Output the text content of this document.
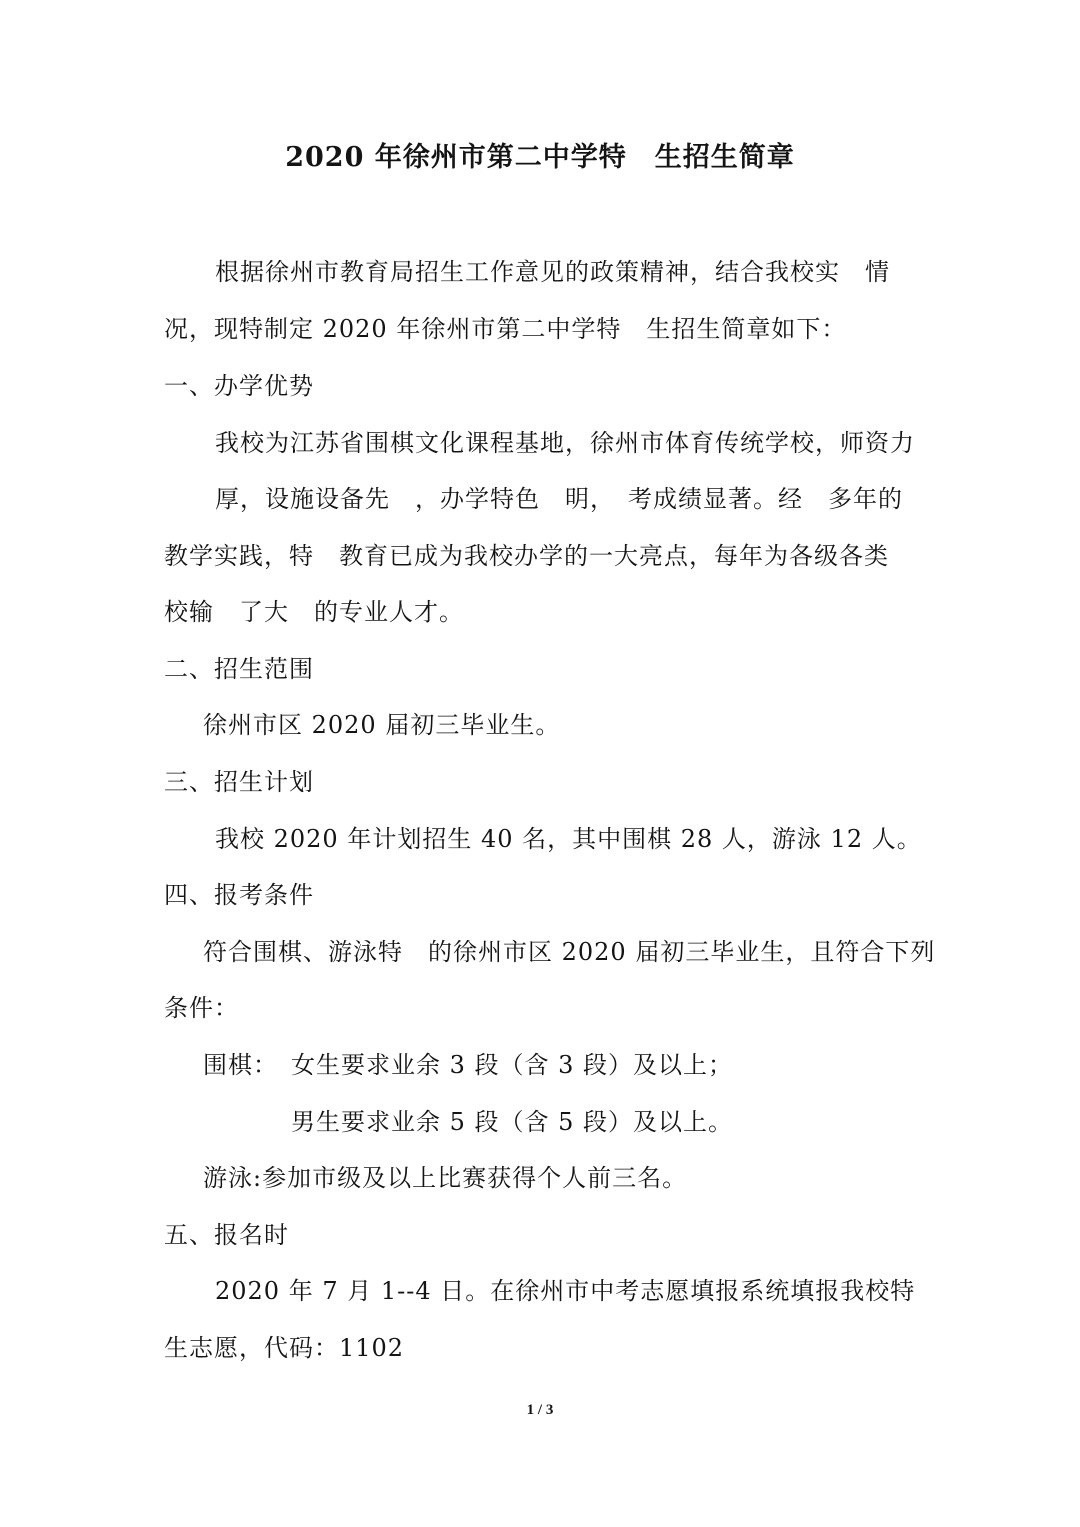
2020 年徐州市第二中学特　生招生简章
根据徐州市教育局招生工作意见的政策精神，结合我校实　情
况，现特制定 2020 年徐州市第二中学特　生招生简章如下：
一、办学优势
我校为江苏省围棋文化课程基地，徐州市体育传统学校，师资力
厚，设施设备先　，办学特色　明，　考成绩显著。经　多年的
教学实践，特　教育已成为我校办学的一大亮点，每年为各级各类
校输　了大　的专业人才。
二、招生范围
徐州市区 2020 届初三毕业生。
三、招生计划
我校 2020 年计划招生 40 名，其中围棋 28 人，游泳 12 人。
四、报考条件
符合围棋、游泳特　的徐州市区 2020 届初三毕业生，且符合下列
条件：
围棋：　女生要求业余 3 段（含 3 段）及以上；
男生要求业余 5 段（含 5 段）及以上。
游泳:参加市级及以上比赛获得个人前三名。
五、报名时
2020 年 7 月 1--4 日。在徐州市中考志愿填报系统填报我校特
生志愿，代码：1102
1 / 3
